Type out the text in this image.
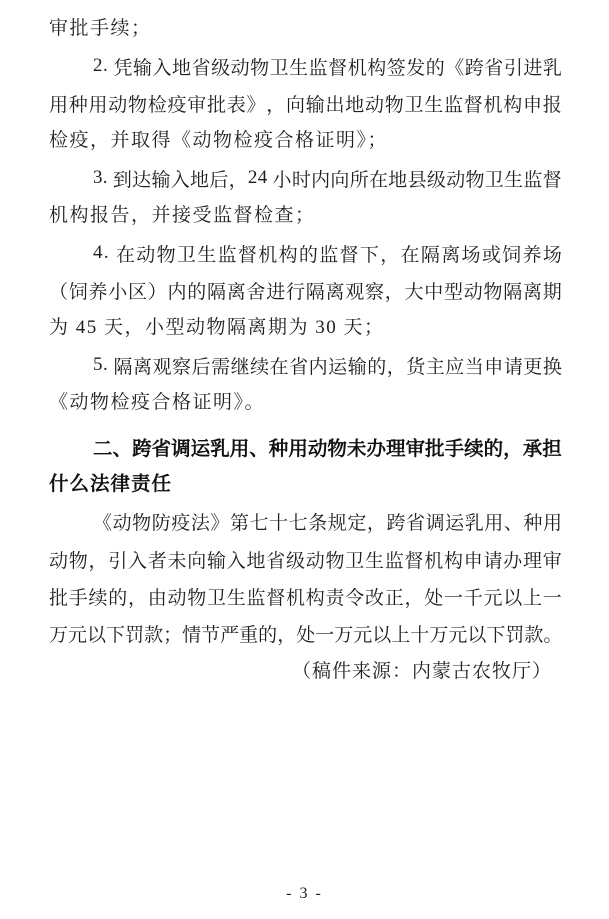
审批手续；
2 .
凭 输 入 地 省 级 动 物 卫 生 监 督 机 构 签 发 的 《 跨 省 引 进 乳
用 种 用 动 物 检 疫 审 批 表 》 ， 向 输 出 地 动 物 卫 生 监 督 机 构 申 报
检疫，并取得《动物检疫合格证明》；
3 .
到 达 输 入 地 后 ， 2 4
小 时 内 向 所 在 地 县 级 动 物 卫 生 监 督
机构报告，并接受监督检查；
4 .
在 动 物 卫 生 监 督 机 构 的 监 督 下 ， 在 隔 离 场 或 饲 养 场
（ 饲 养 小 区 ） 内 的 隔 离 舍 进 行 隔 离 观 察 ， 大 中 型 动 物 隔 离 期
为 45 天，小型动物隔离期为 30 天；
5 .
隔 离 观 察 后 需 继 续 在 省 内 运 输 的 ， 货 主 应 当 申 请 更 换
《动物检疫合格证明》。
二 、 跨 省 调 运 乳 用 、 种 用 动 物 未 办 理 审 批 手 续 的 ， 承 担
什么法律责任
《 动 物 防 疫 法 》 第 七 十 七 条 规 定 ， 跨 省 调 运 乳 用 、 种 用
动 物 ， 引 入 者 未 向 输 入 地 省 级 动 物 卫 生 监 督 机 构 申 请 办 理 审
批 手 续 的 ， 由 动 物 卫 生 监 督 机 构 责 令 改 正 ， 处 一 千 元 以 上 一
万 元 以 下 罚 款 ； 情 节 严 重 的 ， 处 一 万 元 以 上 十 万 元 以 下 罚 款 。
（稿件来源：内蒙古农牧厅）
- 3 -
